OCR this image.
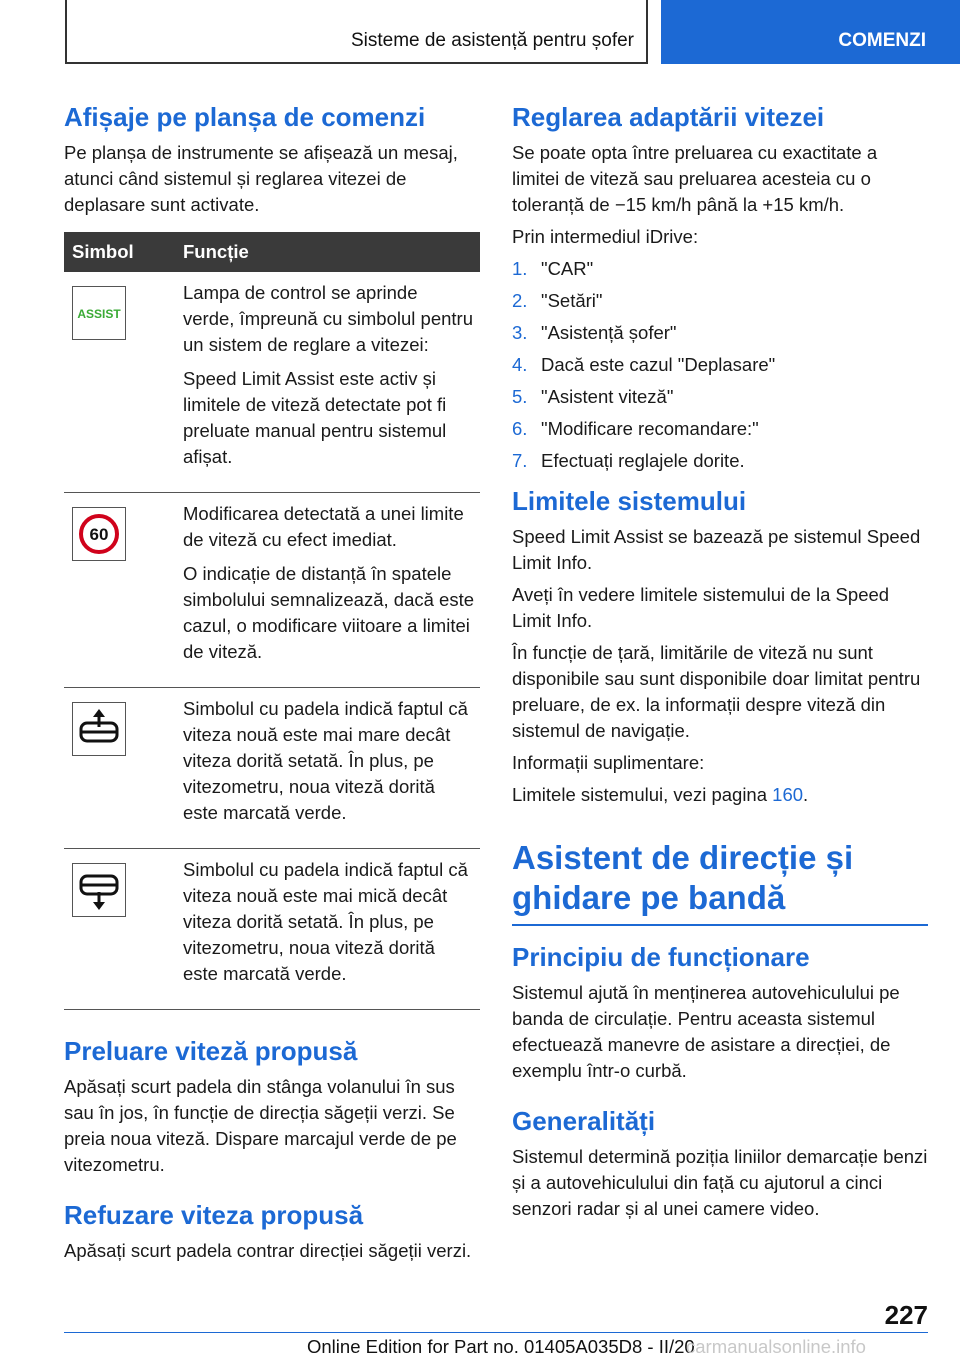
Sisteme de asistență pentru șofer	COMENZI
Afișaje pe planșa de comenzi

Pe planșa de instrumente se afișează un mesaj, atunci când sistemul și reglarea vitezei de deplasare sunt activate.

Simbol	Funcție

ASSIST	Lampa de control se aprinde verde, împreună cu simbolul pentru un sistem de reglare a vitezei:

Speed Limit Assist este activ și limitele de viteză detectate pot fi preluate manual pentru sistemul afișat.

60	Modificarea detectată a unei limite de viteză cu efect imediat.

O indicație de distanță în spatele simbolului semnalizează, dacă este cazul, o modificare viitoare a limitei de viteză.

Simbolul cu padela indică faptul că viteza nouă este mai mare decât viteza dorită setată. În plus, pe vitezometru, noua viteză dorită este marcată verde.

Simbolul cu padela indică faptul că viteza nouă este mai mică decât viteza dorită setată. În plus, pe vitezometru, noua viteză dorită este marcată verde.

Preluare viteză propusă

Apăsați scurt padela din stânga volanului în sus sau în jos, în funcție de direcția săgeții verzi. Se preia noua viteză. Dispare marcajul verde de pe vitezometru.

Refuzare viteza propusă

Apăsați scurt padela contrar direcției săgeții verzi.

Reglarea adaptării vitezei

Se poate opta între preluarea cu exactitate a limitei de viteză sau preluarea acesteia cu o toleranță de −15 km/h până la +15 km/h.

Prin intermediul iDrive:

1. "CAR"
2. "Setări"
3. "Asistență șofer"
4. Dacă este cazul "Deplasare"
5. "Asistent viteză"
6. "Modificare recomandare:"
7. Efectuați reglajele dorite.
Limitele sistemului

Speed Limit Assist se bazează pe sistemul Speed Limit Info.

Aveți în vedere limitele sistemului de la Speed Limit Info.

În funcție de țară, limitările de viteză nu sunt disponibile sau sunt disponibile doar limitat pentru preluare, de ex. la informații despre viteză din sistemul de navigație.

Informații suplimentare:

Limitele sistemului, vezi pagina 160.

Asistent de direcție și ghidare pe bandă
Principiu de funcționare

Sistemul ajută în menținerea autovehiculului pe banda de circulație. Pentru aceasta sistemul efectuează manevre de asistare a direcției, de exemplu într-o curbă.

Generalități

Sistemul determină poziția liniilor demarcație benzi și a autovehiculului din față cu ajutorul a cinci senzori radar și al unei camere video.

227
Online Edition for Part no. 01405A035D8 - II/20
carmanualsonline.info
